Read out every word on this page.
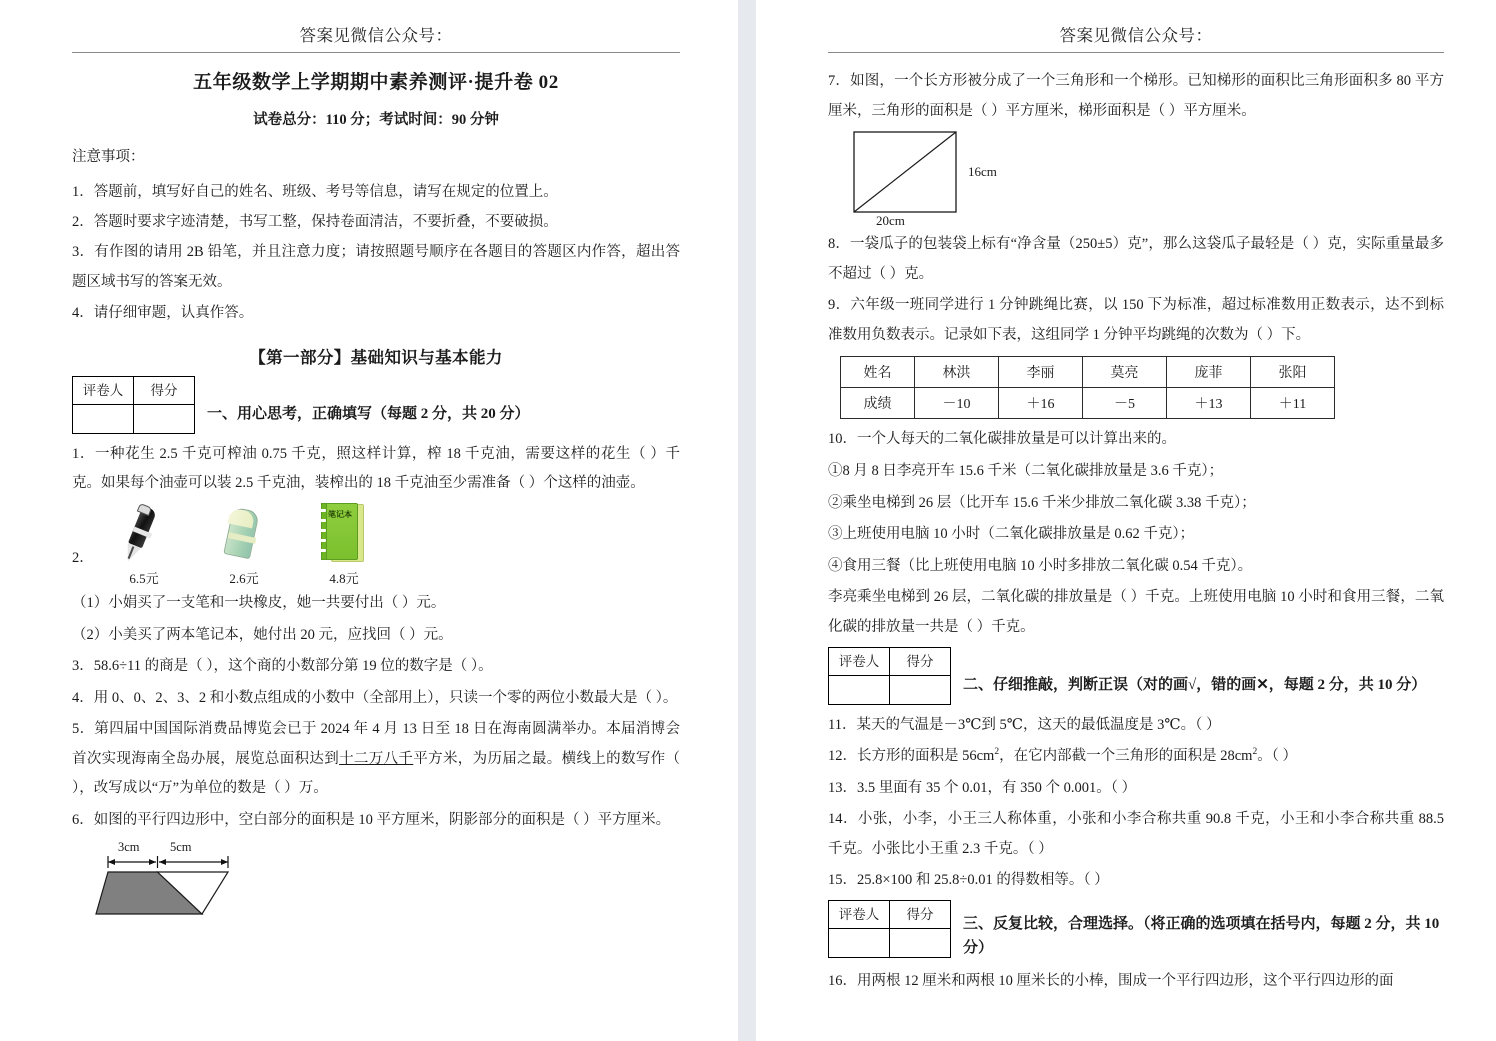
答案见微信公众号：
五年级数学上学期期中素养测评·提升卷 02
试卷总分：110 分；考试时间：90 分钟
注意事项：
1．答题前，填写好自己的姓名、班级、考号等信息，请写在规定的位置上。
2．答题时要求字迹清楚，书写工整，保持卷面清洁，不要折叠，不要破损。
3．有作图的请用 2B 铅笔，并且注意力度；请按照题号顺序在各题目的答题区内作答，超出答题区域书写的答案无效。
4．请仔细审题，认真作答。
【第一部分】基础知识与基本能力
评卷人	得分

一、用心思考，正确填写（每题 2 分，共 20 分）
1．一种花生 2.5 千克可榨油 0.75 千克，照这样计算，榨 18 千克油，需要这样的花生（ ）千克。如果每个油壶可以装 2.5 千克油，装榨出的 18 千克油至少需准备（ ）个这样的油壶。
2．
6.5元	2.6元
笔记本
4.8元
（1）小娟买了一支笔和一块橡皮，她一共要付出（ ）元。
（2）小美买了两本笔记本，她付出 20 元，应找回（ ）元。
3．58.6÷11 的商是（ ），这个商的小数部分第 19 位的数字是（ ）。
4．用 0、0、2、3、2 和小数点组成的小数中（全部用上），只读一个零的两位小数最大是（ ）。
5．第四届中国国际消费品博览会已于 2024 年 4 月 13 日至 18 日在海南圆满举办。本届消博会首次实现海南全岛办展，展览总面积达到十二万八千平方米，为历届之最。横线上的数写作（ ），改写成以“万”为单位的数是（ ）万。
6．如图的平行四边形中，空白部分的面积是 10 平方厘米，阴影部分的面积是（ ）平方厘米。
3cm 5cm
答案见微信公众号：
7．如图，一个长方形被分成了一个三角形和一个梯形。已知梯形的面积比三角形面积多 80 平方厘米，三角形的面积是（ ）平方厘米，梯形面积是（ ）平方厘米。
16cm
20cm
8．一袋瓜子的包装袋上标有“净含量（250±5）克”，那么这袋瓜子最轻是（ ）克，实际重量最多不超过（ ）克。
9．六年级一班同学进行 1 分钟跳绳比赛，以 150 下为标准，超过标准数用正数表示，达不到标准数用负数表示。记录如下表，这组同学 1 分钟平均跳绳的次数为（ ）下。
姓名	林洪	李丽	莫亮	庞菲	张阳
成绩	－10	＋16	－5	＋13	＋11
10．一个人每天的二氧化碳排放量是可以计算出来的。
①8 月 8 日李亮开车 15.6 千米（二氧化碳排放量是 3.6 千克）；
②乘坐电梯到 26 层（比开车 15.6 千米少排放二氧化碳 3.38 千克）；
③上班使用电脑 10 小时（二氧化碳排放量是 0.62 千克）；
④食用三餐（比上班使用电脑 10 小时多排放二氧化碳 0.54 千克）。
李亮乘坐电梯到 26 层，二氧化碳的排放量是（ ）千克。上班使用电脑 10 小时和食用三餐，二氧化碳的排放量一共是（ ）千克。
评卷人	得分

二、仔细推敲，判断正误（对的画√，错的画✕，每题 2 分，共 10 分）
11．某天的气温是－3℃到 5℃，这天的最低温度是 3℃。（ ）
12．长方形的面积是 $56cm^2$，在它内部截一个三角形的面积是 $28cm^2$。（ ）
13．3.5 里面有 35 个 0.01，有 350 个 0.001。（ ）
14．小张，小李，小王三人称体重，小张和小李合称共重 90.8 千克，小王和小李合称共重 88.5 千克。小张比小王重 2.3 千克。（ ）
15．25.8×100 和 25.8÷0.01 的得数相等。（ ）
评卷人	得分

三、反复比较，合理选择。（将正确的选项填在括号内，每题 2 分，共 10 分）
16．用两根 12 厘米和两根 10 厘米长的小棒，围成一个平行四边形，这个平行四边形的面
